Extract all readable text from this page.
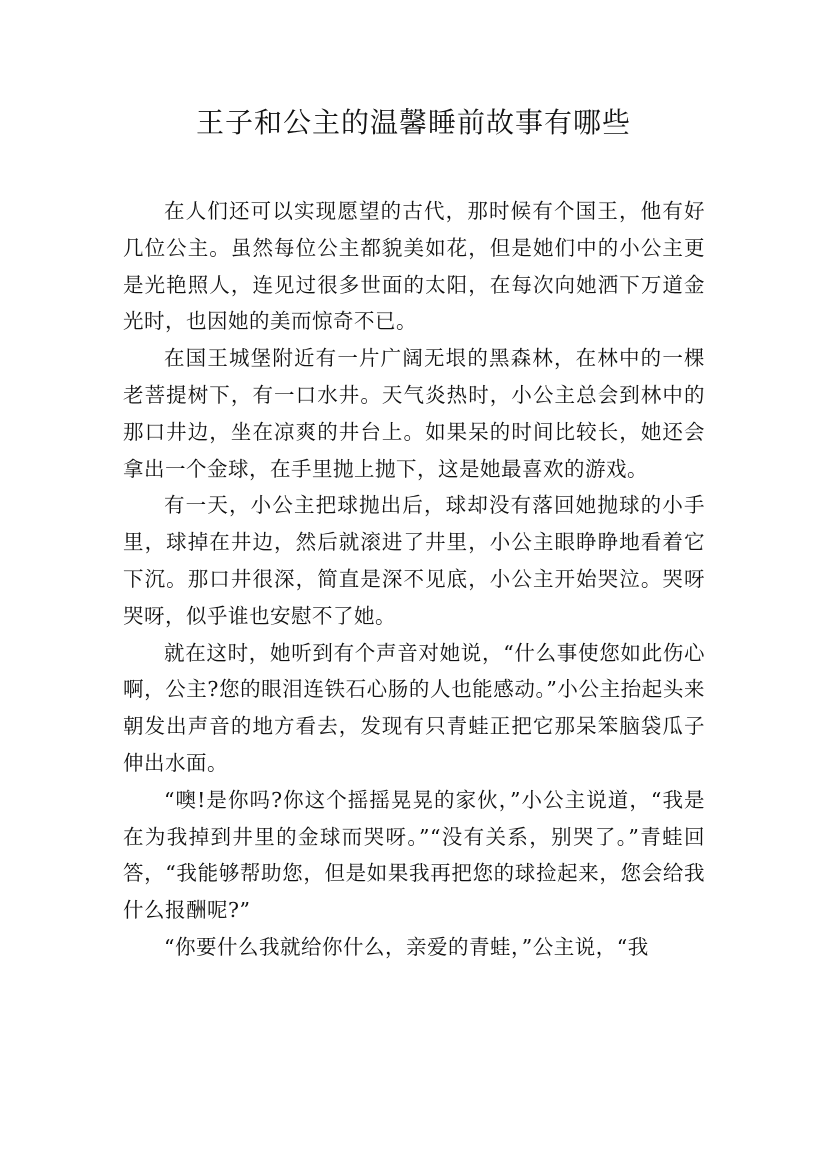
王子和公主的温馨睡前故事有哪些

在人们还可以实现愿望的古代，那时候有个国王，他有好几位公主。虽然每位公主都貌美如花，但是她们中的小公主更是光艳照人，连见过很多世面的太阳，在每次向她洒下万道金光时，也因她的美而惊奇不已。

在国王城堡附近有一片广阔无垠的黑森林，在林中的一棵老菩提树下，有一口水井。天气炎热时，小公主总会到林中的那口井边，坐在凉爽的井台上。如果呆的时间比较长，她还会拿出一个金球，在手里抛上抛下，这是她最喜欢的游戏。

有一天，小公主把球抛出后，球却没有落回她抛球的小手里，球掉在井边，然后就滚进了井里，小公主眼睁睁地看着它下沉。那口井很深，简直是深不见底，小公主开始哭泣。哭呀哭呀，似乎谁也安慰不了她。

就在这时，她听到有个声音对她说，“什么事使您如此伤心啊，公主?您的眼泪连铁石心肠的人也能感动。”小公主抬起头来朝发出声音的地方看去，发现有只青蛙正把它那呆笨脑袋瓜子伸出水面。

“噢!是你吗?你这个摇摇晃晃的家伙，”小公主说道，“我是在为我掉到井里的金球而哭呀。”“没有关系，别哭了。”青蛙回答，“我能够帮助您，但是如果我再把您的球捡起来，您会给我什么报酬呢?”

“你要什么我就给你什么，亲爱的青蛙，”公主说，“我
